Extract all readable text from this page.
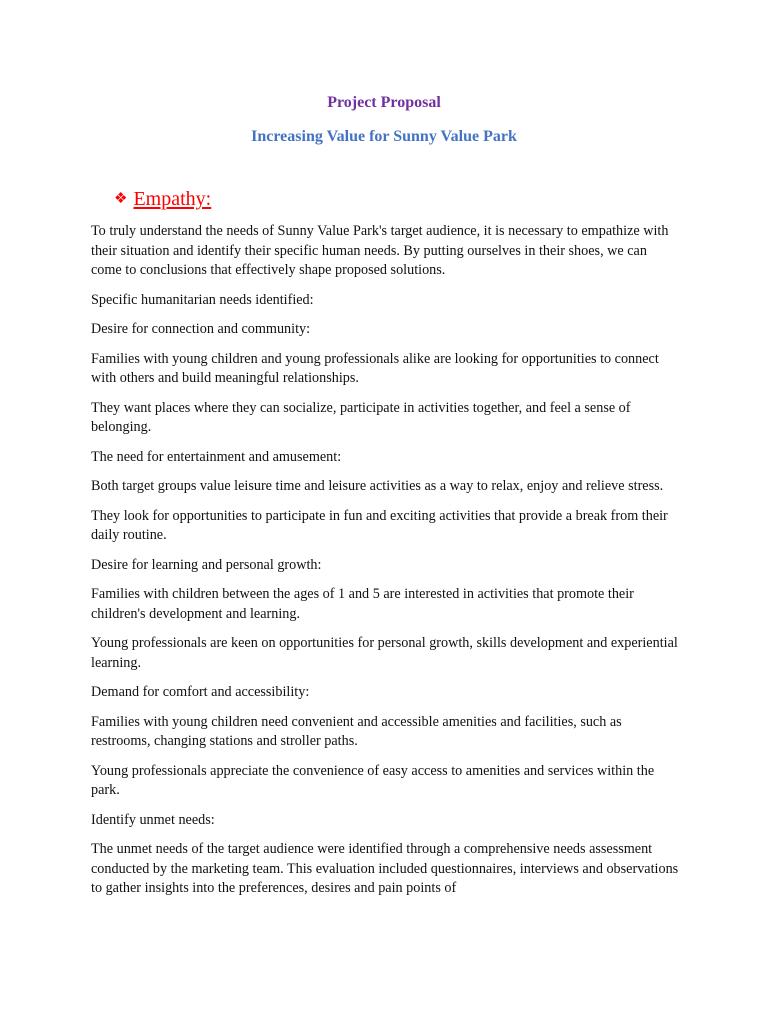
Project Proposal
Increasing Value for Sunny Value Park
❖ Empathy:

To truly understand the needs of Sunny Value Park's target audience, it is necessary to empathize with their situation and identify their specific human needs. By putting ourselves in their shoes, we can come to conclusions that effectively shape proposed solutions.

Specific humanitarian needs identified:

Desire for connection and community:

Families with young children and young professionals alike are looking for opportunities to connect with others and build meaningful relationships.

They want places where they can socialize, participate in activities together, and feel a sense of belonging.

The need for entertainment and amusement:

Both target groups value leisure time and leisure activities as a way to relax, enjoy and relieve stress.

They look for opportunities to participate in fun and exciting activities that provide a break from their daily routine.

Desire for learning and personal growth:

Families with children between the ages of 1 and 5 are interested in activities that promote their children's development and learning.

Young professionals are keen on opportunities for personal growth, skills development and experiential learning.

Demand for comfort and accessibility:

Families with young children need convenient and accessible amenities and facilities, such as restrooms, changing stations and stroller paths.

Young professionals appreciate the convenience of easy access to amenities and services within the park.

Identify unmet needs:

The unmet needs of the target audience were identified through a comprehensive needs assessment conducted by the marketing team. This evaluation included questionnaires, interviews and observations to gather insights into the preferences, desires and pain points of
